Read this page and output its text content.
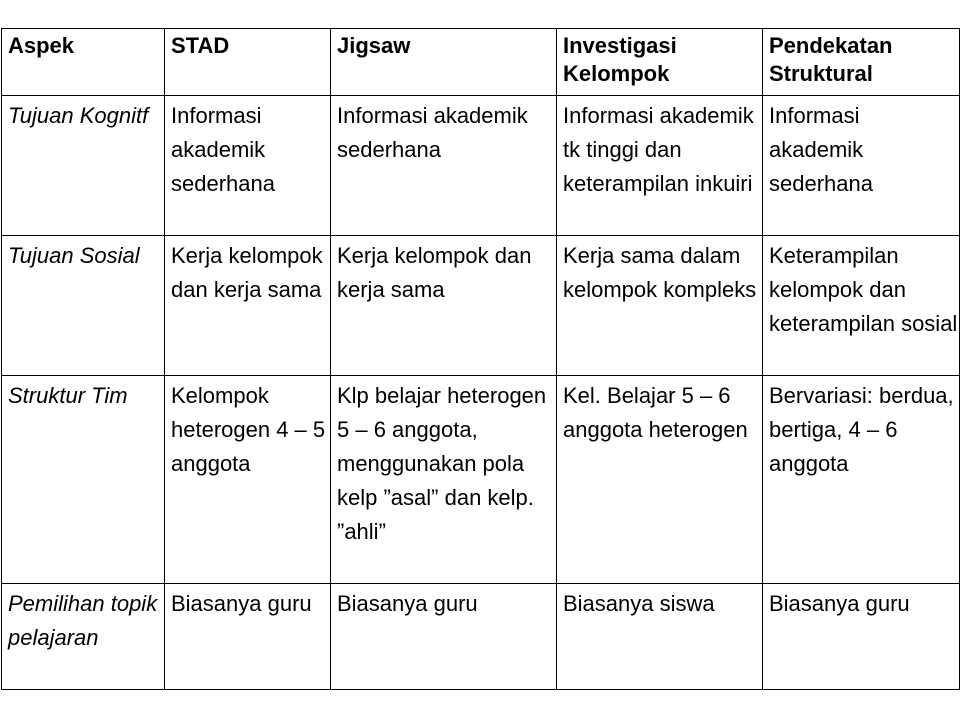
Aspek	STAD	Jigsaw	Investigasi Kelompok	Pendekatan Struktural
Tujuan Kognitf	Informasi akademik sederhana	Informasi akademik sederhana	Informasi akademik tk tinggi dan keterampilan inkuiri	Informasi akademik sederhana
Tujuan Sosial	Kerja kelompok dan kerja sama	Kerja kelompok dan kerja sama	Kerja sama dalam kelompok kompleks	Keterampilan kelompok dan keterampilan sosial
Struktur Tim	Kelompok heterogen 4 – 5 anggota	Klp belajar heterogen 5 – 6 anggota, menggunakan pola kelp ”asal” dan kelp. ”ahli”	Kel. Belajar 5 – 6 anggota heterogen	Bervariasi: berdua, bertiga, 4 – 6 anggota
Pemilihan topik pelajaran	Biasanya guru	Biasanya guru	Biasanya siswa	Biasanya guru
